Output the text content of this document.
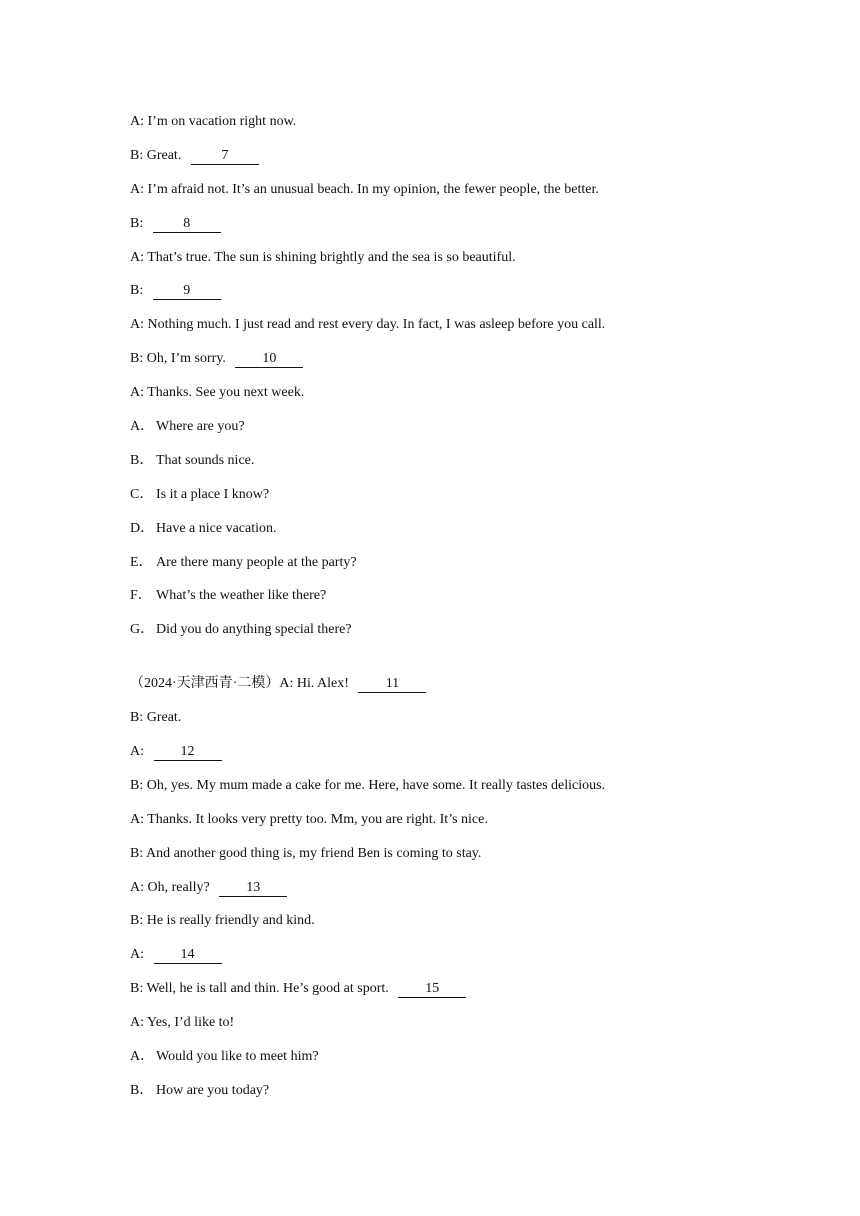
A: I’m on vacation right now.
B: Great.	7
A: I’m afraid not. It’s an unusual beach. In my opinion, the fewer people, the better.
B:	8
A: That’s true. The sun is shining brightly and the sea is so beautiful.
B:	9
A: Nothing much. I just read and rest every day. In fact, I was asleep before you call.
B: Oh, I’m sorry. 10
A: Thanks. See you next week.
A． Where are you?
B． That sounds nice.
C． Is it a place I know?
D． Have a nice vacation.
E． Are there many people at the party?
F． What’s the weather like there?
G． Did you do anything special there?
（2024·天津西青·二模）A: Hi. Alex! 11
B: Great.
A: 12
B: Oh, yes. My mum made a cake for me. Here, have some. It really tastes delicious.
A: Thanks. It looks very pretty too. Mm, you are right. It’s nice.
B: And another good thing is, my friend Ben is coming to stay.
A: Oh, really? 13
B: He is really friendly and kind.
A: 14
B: Well, he is tall and thin. He’s good at sport. 15
A: Yes, I’d like to!
A． Would you like to meet him?
B． How are you today?
